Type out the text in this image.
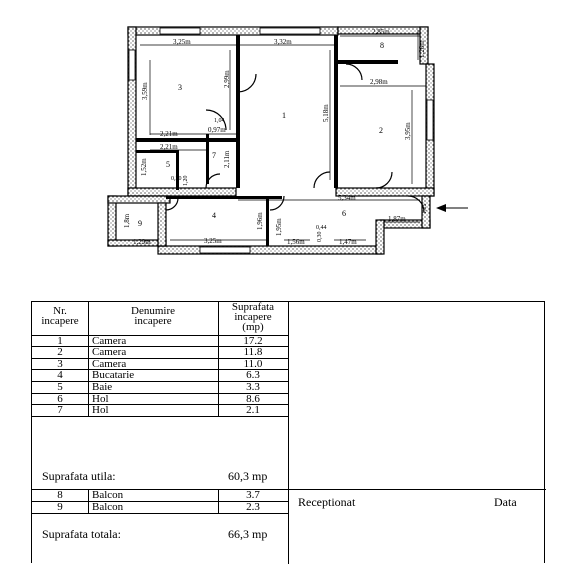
1
2
3
4
5
6
7
8
9
3,25m	3,32m
2,85m
1,28m
2,98m
3,59m
2,99m
5,18m
3,95m
1,04
0,97m
2,21m
2,21m
2,11m
1,52m
0,20 1,20
5,34m
1,8m
1,29m	3,25m
1,96m 1,95m
1,56m
0,44
0,30 1,47m
1,87m
1,15
Nr.
incapere
Denumire
incapere
Suprafata
incapere
(mp)
1	Camera	17.2
2	Camera	11.8
3	Camera	11.0
4	Bucatarie	6.3
5	Baie	3.3
6	Hol	8.6
7	Hol	2.1
Suprafata utila:	60,3 mp
8	Balcon	3.7
9	Balcon	2.3
Suprafata totala:	66,3 mp
Receptionat	Data
